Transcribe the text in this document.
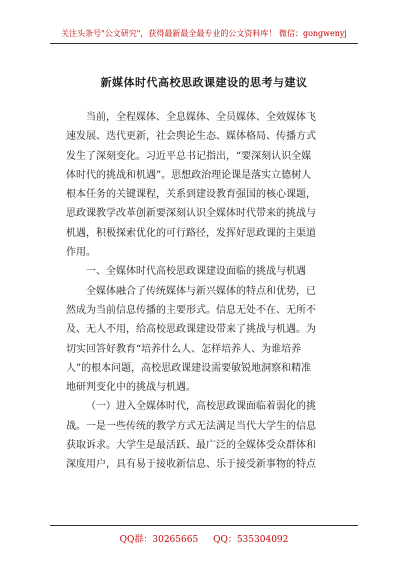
关注头条号"公文研究"，获得最新最全最专业的公文资料库！ 微信：gongwenyj
新媒体时代高校思政课建设的思考与建议
当前，全程媒体、全息媒体、全员媒体、全效媒体飞
速发展、迭代更新，社会舆论生态、媒体格局、传播方式
发生了深刻变化。习近平总书记指出，“要深刻认识全媒
体时代的挑战和机遇”。思想政治理论课是落实立德树人
根本任务的关键课程，关系到建设教育强国的核心课题，
思政课教学改革创新要深刻认识全媒体时代带来的挑战与
机遇，积极探索优化的可行路径，发挥好思政课的主渠道
作用。
一、全媒体时代高校思政课建设面临的挑战与机遇
全媒体融合了传统媒体与新兴媒体的特点和优势，已
然成为当前信息传播的主要形式。信息无处不在、无所不
及、无人不用，给高校思政课建设带来了挑战与机遇。为
切实回答好教育“培养什么人、怎样培养人、为谁培养
人”的根本问题，高校思政课建设需要敏锐地洞察和精准
地研判变化中的挑战与机遇。
（一）进入全媒体时代，高校思政课面临着弱化的挑
战。一是一些传统的教学方式无法满足当代大学生的信息
获取诉求。大学生是最活跃、最广泛的全媒体受众群体和
深度用户，具有易于接收新信息、乐于接受新事物的特点
QQ群：30265665 QQ：535304092
